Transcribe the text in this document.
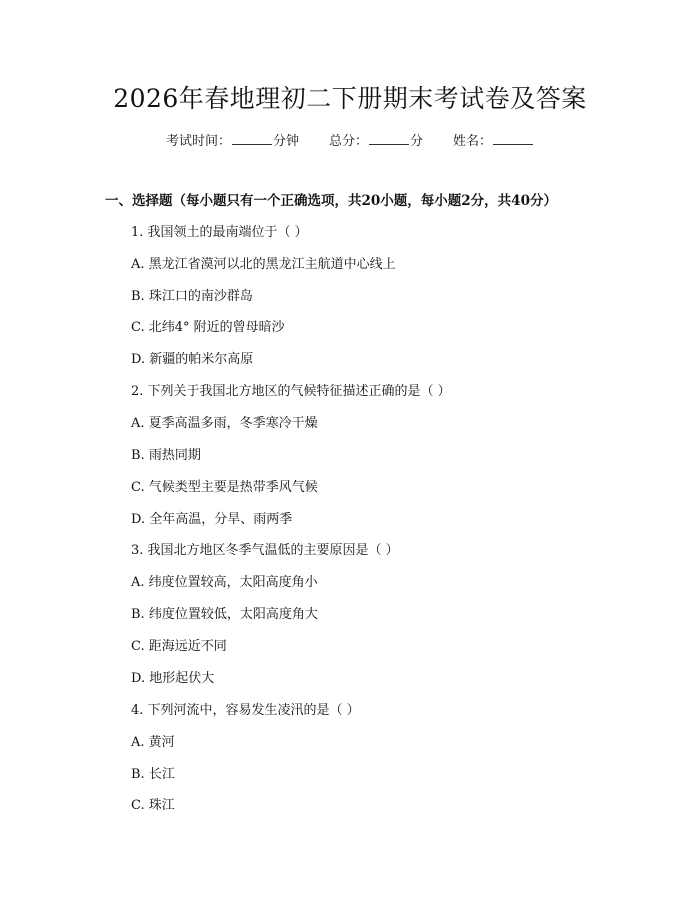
2026年春地理初二下册期末考试卷及答案
考试时间：	分钟 总分：	分 姓名：
一、选择题（每小题只有一个正确选项，共20小题，每小题2分，共40分）
1. 我国领土的最南端位于（ ）
A. 黑龙江省漠河以北的黑龙江主航道中心线上
B. 珠江口的南沙群岛
C. 北纬4° 附近的曾母暗沙
D. 新疆的帕米尔高原
2. 下列关于我国北方地区的气候特征描述正确的是（ ）
A. 夏季高温多雨，冬季寒冷干燥
B. 雨热同期
C. 气候类型主要是热带季风气候
D. 全年高温，分旱、雨两季
3. 我国北方地区冬季气温低的主要原因是（ ）
A. 纬度位置较高，太阳高度角小
B. 纬度位置较低，太阳高度角大
C. 距海远近不同
D. 地形起伏大
4. 下列河流中，容易发生凌汛的是（ ）
A. 黄河
B. 长江
C. 珠江
